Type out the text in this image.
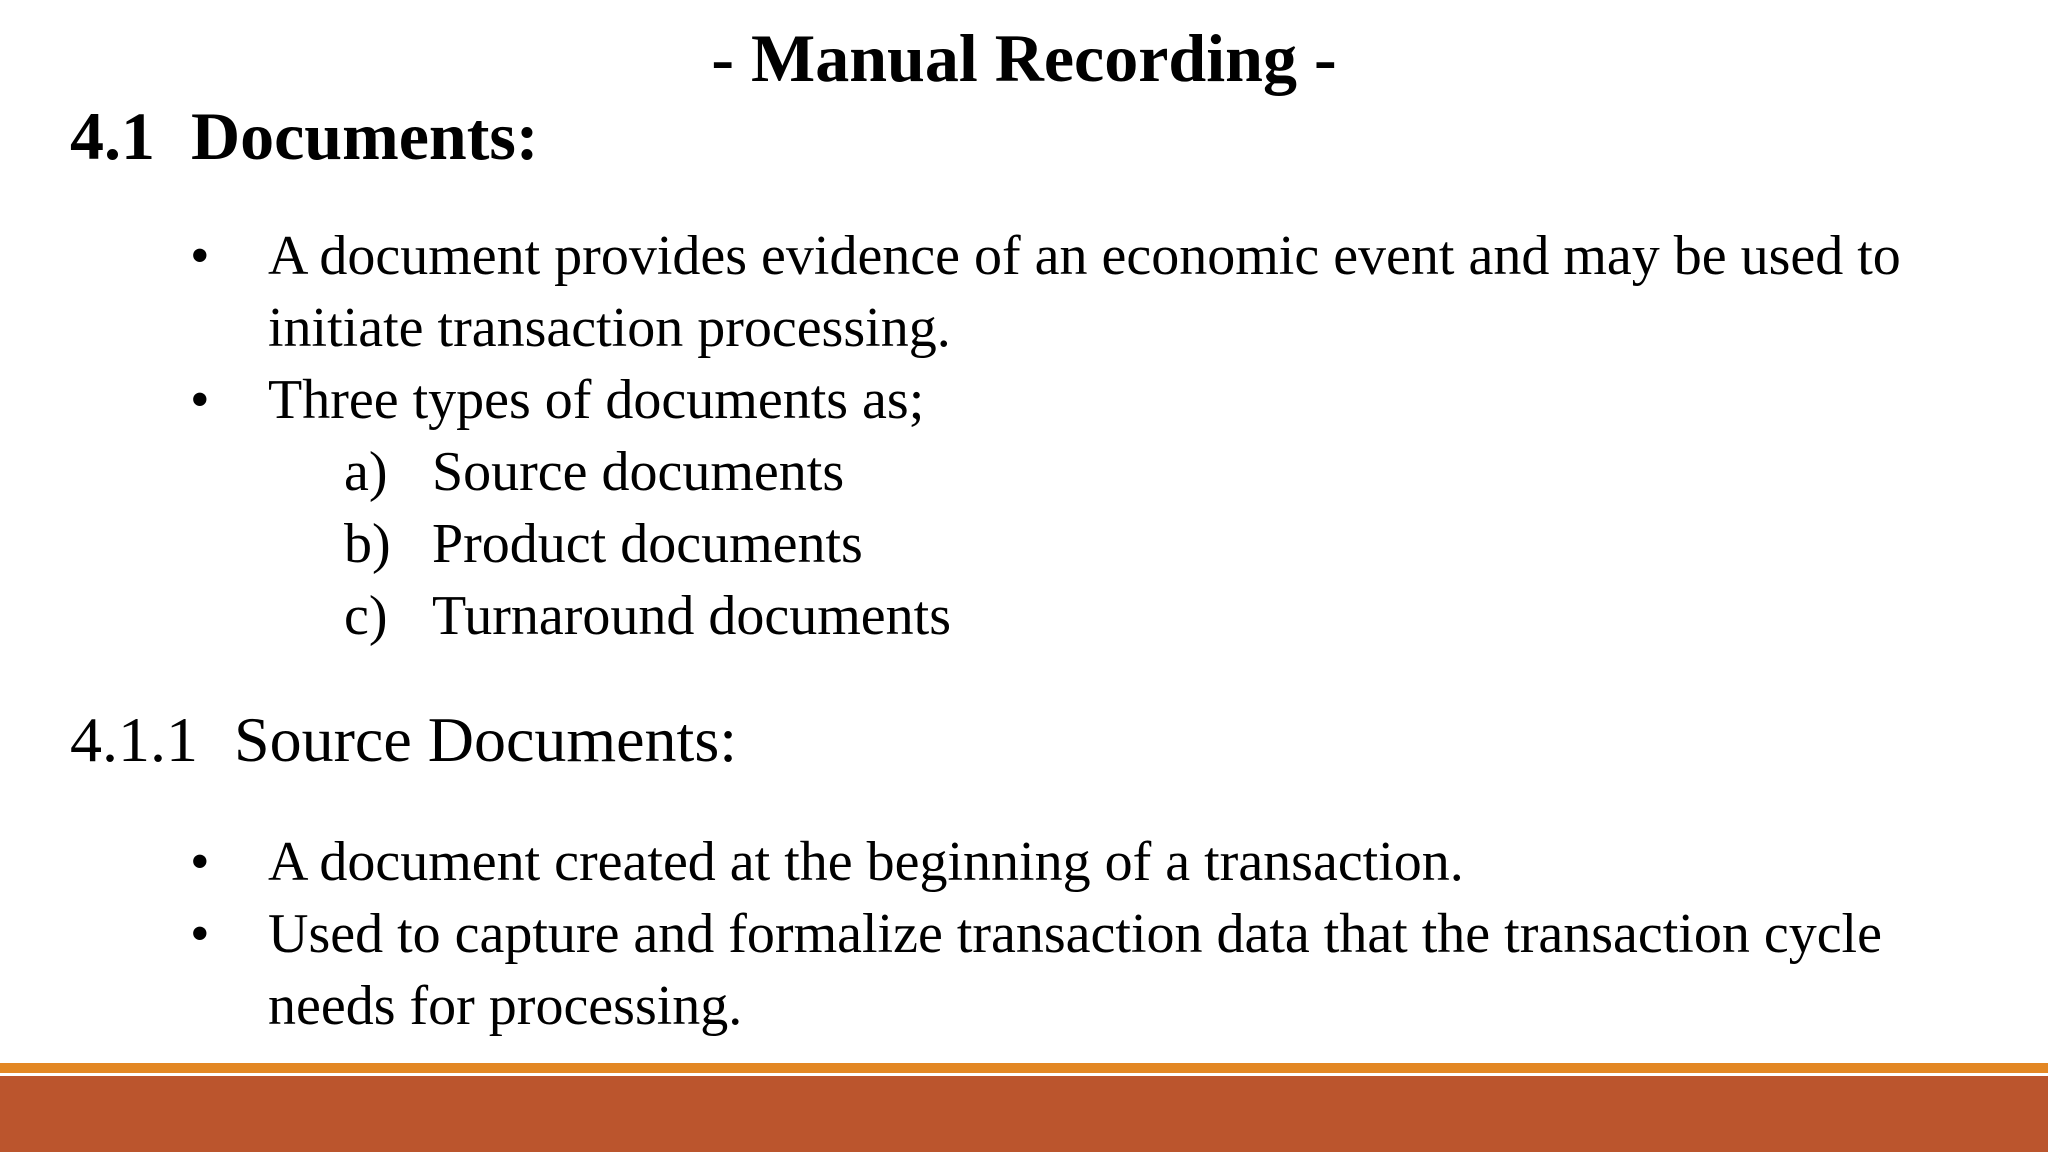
- Manual Recording -
4.1 Documents:
• A document provides evidence of an economic event and may be used to initiate transaction processing.
• Three types of documents as;
a) Source documents
b) Product documents
c) Turnaround documents
4.1.1 Source Documents:
• A document created at the beginning of a transaction.
• Used to capture and formalize transaction data that the transaction cycle needs for processing.
